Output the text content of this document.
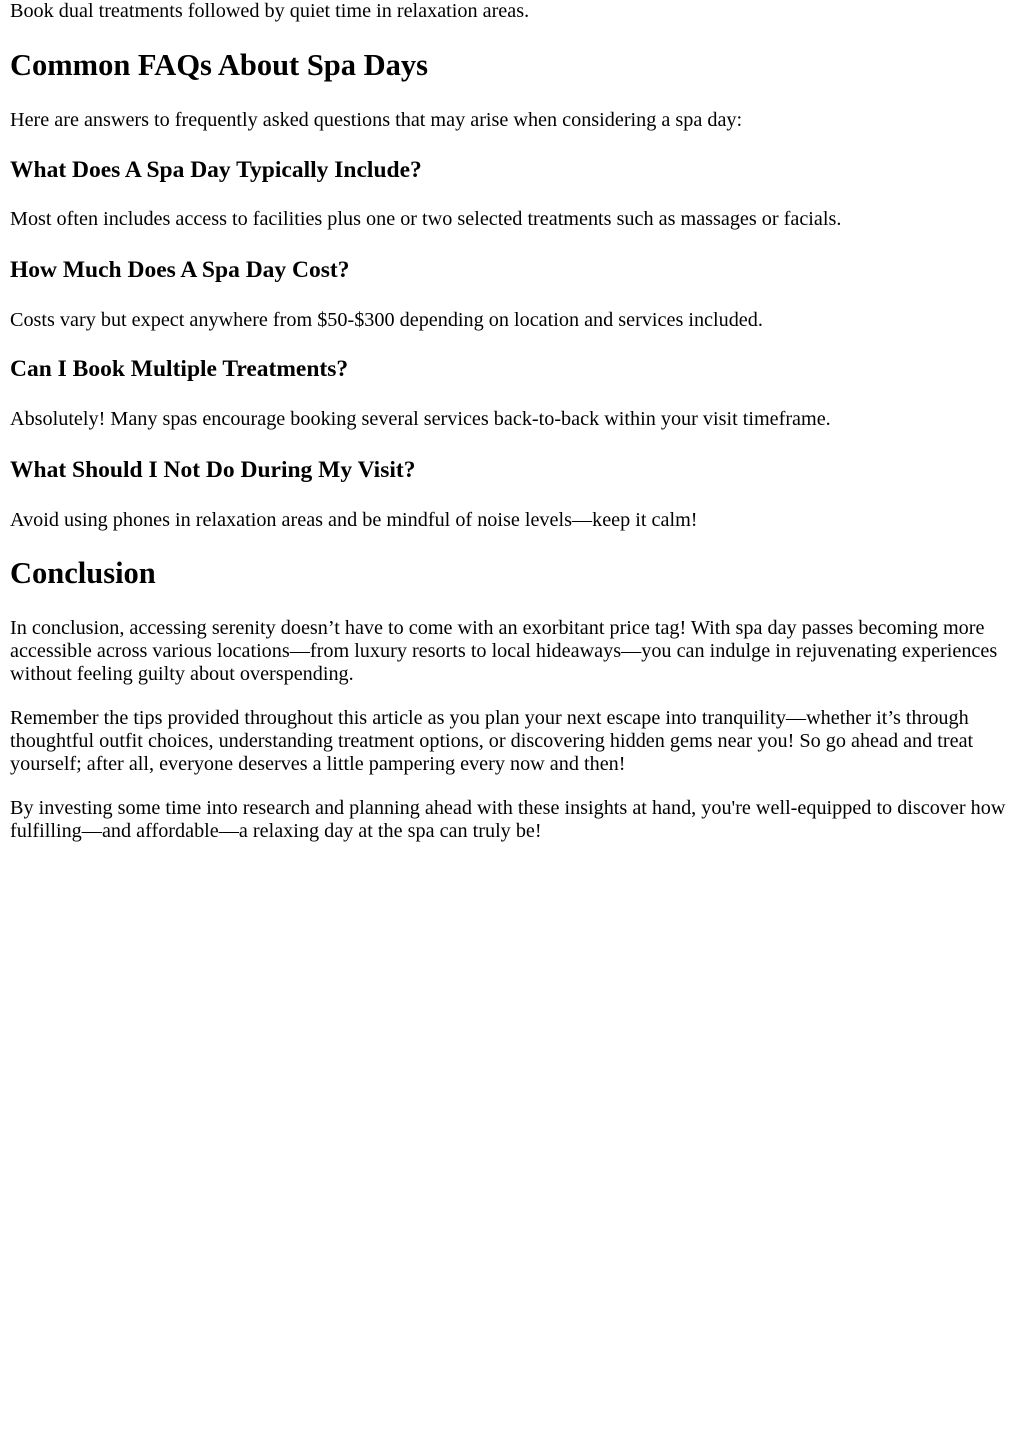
Book dual treatments followed by quiet time in relaxation areas.

Common FAQs About Spa Days

Here are answers to frequently asked questions that may arise when considering a spa day:

What Does A Spa Day Typically Include?

Most often includes access to facilities plus one or two selected treatments such as massages or facials.

How Much Does A Spa Day Cost?

Costs vary but expect anywhere from $50-$300 depending on location and services included.

Can I Book Multiple Treatments?

Absolutely! Many spas encourage booking several services back-to-back within your visit timeframe.

What Should I Not Do During My Visit?

Avoid using phones in relaxation areas and be mindful of noise levels—keep it calm!

Conclusion

In conclusion, accessing serenity doesn’t have to come with an exorbitant price tag! With spa day passes becoming more accessible across various locations—from luxury resorts to local hideaways—you can indulge in rejuvenating experiences without feeling guilty about overspending.

Remember the tips provided throughout this article as you plan your next escape into tranquility—whether it’s through thoughtful outfit choices, understanding treatment options, or discovering hidden gems near you! So go ahead and treat yourself; after all, everyone deserves a little pampering every now and then!

By investing some time into research and planning ahead with these insights at hand, you're well-equipped to discover how fulfilling—and affordable—a relaxing day at the spa can truly be!
